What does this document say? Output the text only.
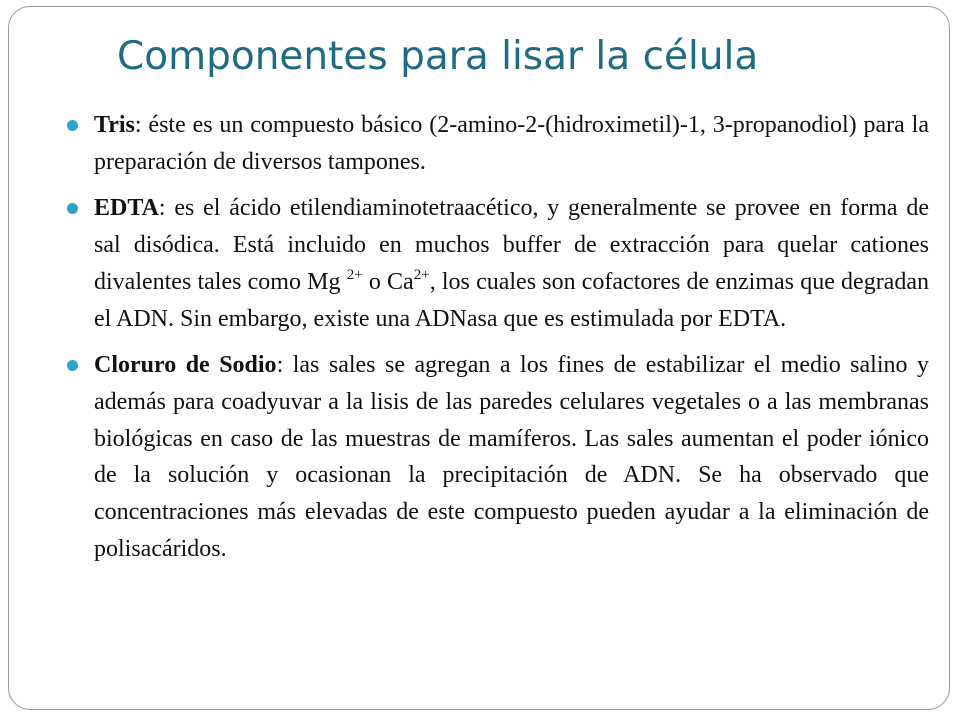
Componentes para lisar la célula
Tris: éste es un compuesto básico (2-amino-2-(hidroximetil)-1, 3-propanodiol) para la preparación de diversos tampones.
EDTA: es el ácido etilendiaminotetraacético, y generalmente se provee en forma de sal disódica. Está incluido en muchos buffer de extracción para quelar cationes divalentes tales como Mg $^{2+}$ o $Ca^{2+}$, los cuales son cofactores de enzimas que degradan el ADN. Sin embargo, existe una ADNasa que es estimulada por EDTA.
Cloruro de Sodio: las sales se agregan a los fines de estabilizar el medio salino y además para coadyuvar a la lisis de las paredes celulares vegetales o a las membranas biológicas en caso de las muestras de mamíferos. Las sales aumentan el poder iónico de la solución y ocasionan la precipitación de ADN. Se ha observado que concentraciones más elevadas de este compuesto pueden ayudar a la eliminación de polisacáridos.
